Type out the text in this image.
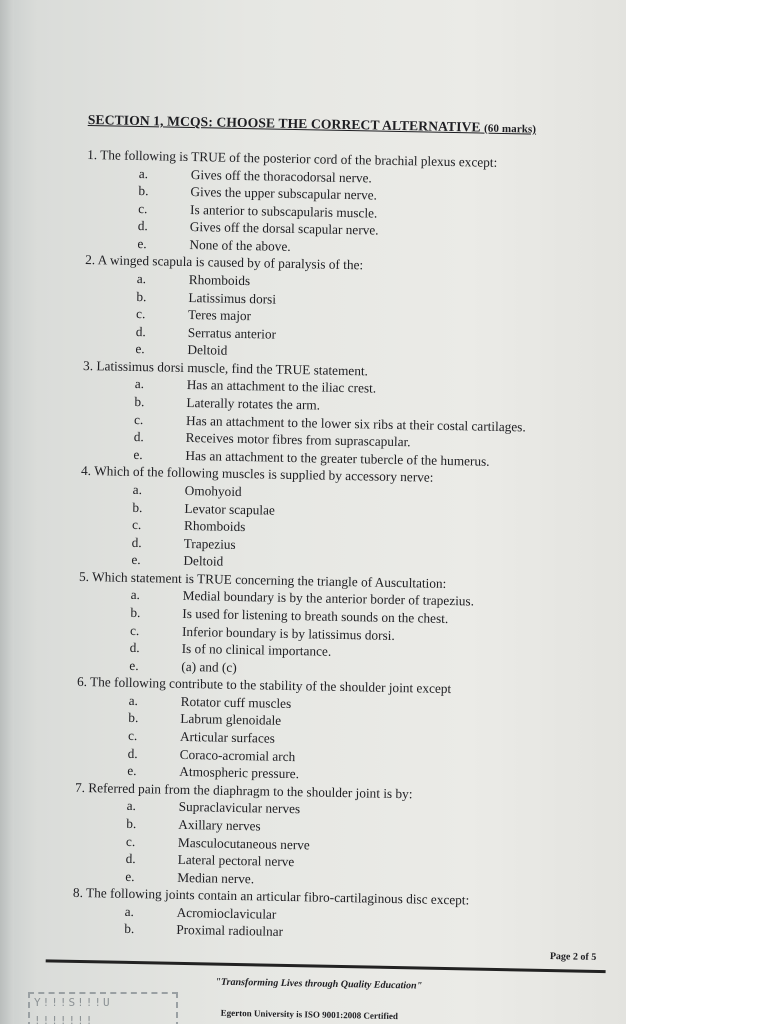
SECTION 1, MCQS: CHOOSE THE CORRECT ALTERNATIVE (60 marks)
1. The following is TRUE of the posterior cord of the brachial plexus except:
a.	Gives off the thoracodorsal nerve.
b.	Gives the upper subscapular nerve.
c.	Is anterior to subscapularis muscle.
d.	Gives off the dorsal scapular nerve.
e.	None of the above.
2. A winged scapula is caused by of paralysis of the:
a.	Rhomboids
b.	Latissimus dorsi
c.	Teres major
d.	Serratus anterior
e.	Deltoid
3. Latissimus dorsi muscle, find the TRUE statement.
a.	Has an attachment to the iliac crest.
b.	Laterally rotates the arm.
c.	Has an attachment to the lower six ribs at their costal cartilages.
d.	Receives motor fibres from suprascapular.
e.	Has an attachment to the greater tubercle of the humerus.
4. Which of the following muscles is supplied by accessory nerve:
a.	Omohyoid
b.	Levator scapulae
c.	Rhomboids
d.	Trapezius
e.	Deltoid
5. Which statement is TRUE concerning the triangle of Auscultation:
a.	Medial boundary is by the anterior border of trapezius.
b.	Is used for listening to breath sounds on the chest.
c.	Inferior boundary is by latissimus dorsi.
d.	Is of no clinical importance.
e.	(a) and (c)
6. The following contribute to the stability of the shoulder joint except
a.	Rotator cuff muscles
b.	Labrum glenoidale
c.	Articular surfaces
d.	Coraco-acromial arch
e.	Atmospheric pressure.
7. Referred pain from the diaphragm to the shoulder joint is by:
a.	Supraclavicular nerves
b.	Axillary nerves
c.	Masculocutaneous nerve
d.	Lateral pectoral nerve
e.	Median nerve.
8. The following joints contain an articular fibro-cartilaginous disc except:
a.	Acromioclavicular
b.	Proximal radioulnar
Page 2 of 5
"Transforming Lives through Quality Education"
Egerton University is ISO 9001:2008 Certified
Y!!!S!!!U !!!!!!!
